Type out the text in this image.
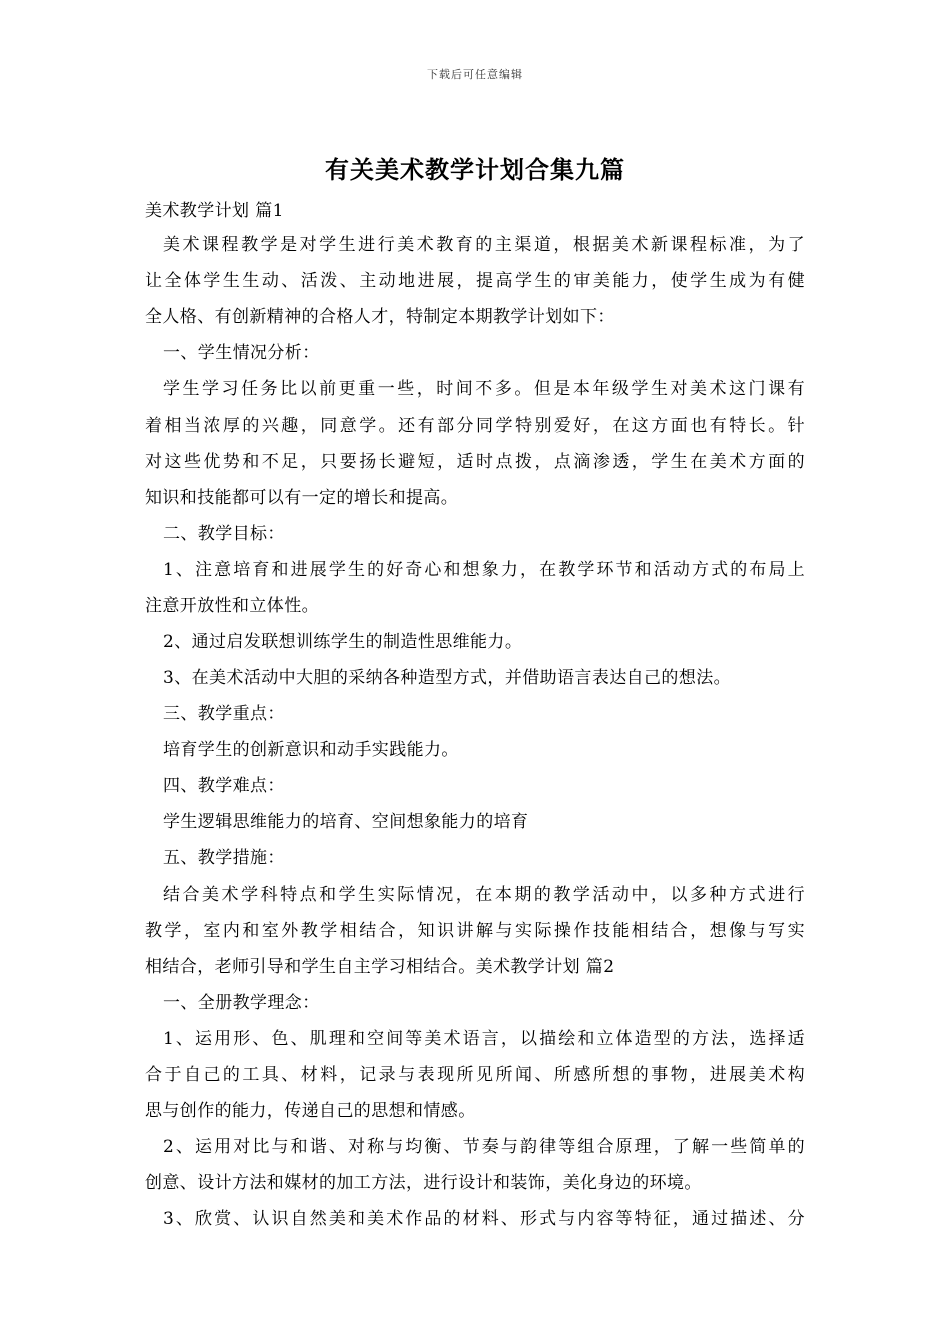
下载后可任意编辑
有关美术教学计划合集九篇
美术教学计划 篇1
美术课程教学是对学生进行美术教育的主渠道，根据美术新课程标准，为了
让全体学生生动、活泼、主动地进展，提高学生的审美能力，使学生成为有健
全人格、有创新精神的合格人才，特制定本期教学计划如下：
一、学生情况分析：
学生学习任务比以前更重一些，时间不多。但是本年级学生对美术这门课有
着相当浓厚的兴趣，同意学。还有部分同学特别爱好，在这方面也有特长。针
对这些优势和不足，只要扬长避短，适时点拨，点滴渗透，学生在美术方面的
知识和技能都可以有一定的增长和提高。
二、教学目标：
1、注意培育和进展学生的好奇心和想象力，在教学环节和活动方式的布局上
注意开放性和立体性。
2、通过启发联想训练学生的制造性思维能力。
3、在美术活动中大胆的采纳各种造型方式，并借助语言表达自己的想法。
三、教学重点：
培育学生的创新意识和动手实践能力。
四、教学难点：
学生逻辑思维能力的培育、空间想象能力的培育
五、教学措施：
结合美术学科特点和学生实际情况，在本期的教学活动中，以多种方式进行
教学，室内和室外教学相结合，知识讲解与实际操作技能相结合，想像与写实
相结合，老师引导和学生自主学习相结合。美术教学计划 篇2
一、全册教学理念：
1、运用形、色、肌理和空间等美术语言，以描绘和立体造型的方法，选择适
合于自己的工具、材料，记录与表现所见所闻、所感所想的事物，进展美术构
思与创作的能力，传递自己的思想和情感。
2、运用对比与和谐、对称与均衡、节奏与韵律等组合原理，了解一些简单的
创意、设计方法和媒材的加工方法，进行设计和装饰，美化身边的环境。
3、欣赏、认识自然美和美术作品的材料、形式与内容等特征，通过描述、分
